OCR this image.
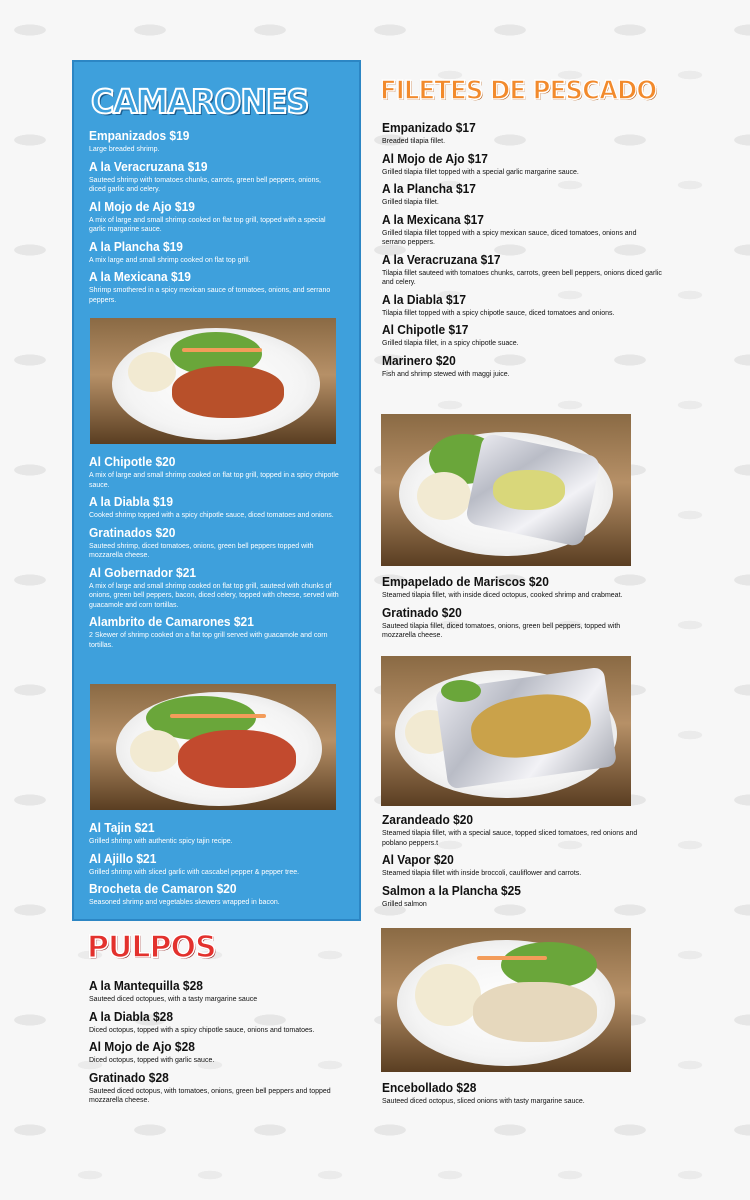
CAMARONES	FILETES DE PESCADO
PULPOS
Empanizados $19
Large breaded shrimp.
A la Veracruzana $19
Sauteed shrimp with tomatoes chunks, carrots, green bell peppers, onions, diced garlic and celery.
Al Mojo de Ajo $19
A mix of large and small shrimp cooked on flat top grill, topped with a special garlic margarine sauce.
A la Plancha $19
A mix large and small shrimp cooked on flat top grill.
A la Mexicana $19
Shrimp smothered in a spicy mexican sauce of tomatoes, onions, and serrano peppers.
Al Chipotle $20
A mix of large and small shrimp cooked on flat top grill, topped in a spicy chipotle sauce.
A la Diabla $19
Cooked shrimp topped with a spicy chipotle sauce, diced tomatoes and onions.
Gratinados $20
Sauteed shrimp, diced tomatoes, onions, green bell peppers topped with mozzarella cheese.
Al Gobernador $21
A mix of large and small shrimp cooked on flat top grill, sauteed with chunks of onions, green bell peppers, bacon, diced celery, topped with cheese, served with guacamole and corn tortillas.
Alambrito de Camarones $21
2 Skewer of shrimp cooked on a flat top grill served with guacamole and corn tortillas.
Al Tajin $21
Grilled shrimp with authentic spicy tajin recipe.
Al Ajillo $21
Grilled shrimp with sliced garlic with cascabel pepper & pepper tree.
Brocheta de Camaron $20
Seasoned shrimp and vegetables skewers wrapped in bacon.
A la Mantequilla $28
Sauteed diced octopues, with a tasty margarine sauce
A la Diabla $28
Diced octopus, topped with a spicy chipotle sauce, onions and tomatoes.
Al Mojo de Ajo $28
Diced octopus, topped with garlic sauce.
Gratinado $28
Sauteed diced octopus, with tomatoes, onions, green bell peppers and topped mozzarella cheese.
Empanizado $17
Breaded tilapia fillet.
Al Mojo de Ajo $17
Grilled tilapia fillet topped with a special garlic margarine sauce.
A la Plancha $17
Grilled tilapia fillet.
A la Mexicana $17
Grilled tilapia fillet topped with a spicy mexican sauce, diced tomatoes, onions and serrano peppers.
A la Veracruzana $17
Tilapia fillet sauteed with tomatoes chunks, carrots, green bell peppers, onions diced garlic and celery.
A la Diabla $17
Tilapia fillet topped with a spicy chipotle sauce, diced tomatoes and onions.
Al Chipotle $17
Grilled tilapia fillet, in a spicy chipotle suace.
Marinero $20
Fish and shrimp stewed with maggi juice.
Empapelado de Mariscos $20
Steamed tilapia fillet, with inside diced octopus, cooked shrimp and crabmeat.
Gratinado $20
Sauteed tilapia fillet, diced tomatoes, onions, green bell peppers, topped with mozzarella cheese.
Zarandeado $20
Steamed tilapia fillet, with a special sauce, topped sliced tomatoes, red onions and poblano peppers.t
Al Vapor $20
Steamed tilapia fillet with inside broccoli, cauliflower and carrots.
Salmon a la Plancha $25
Grilled salmon
Encebollado $28
Sauteed diced octopus, sliced onions with tasty margarine sauce.
